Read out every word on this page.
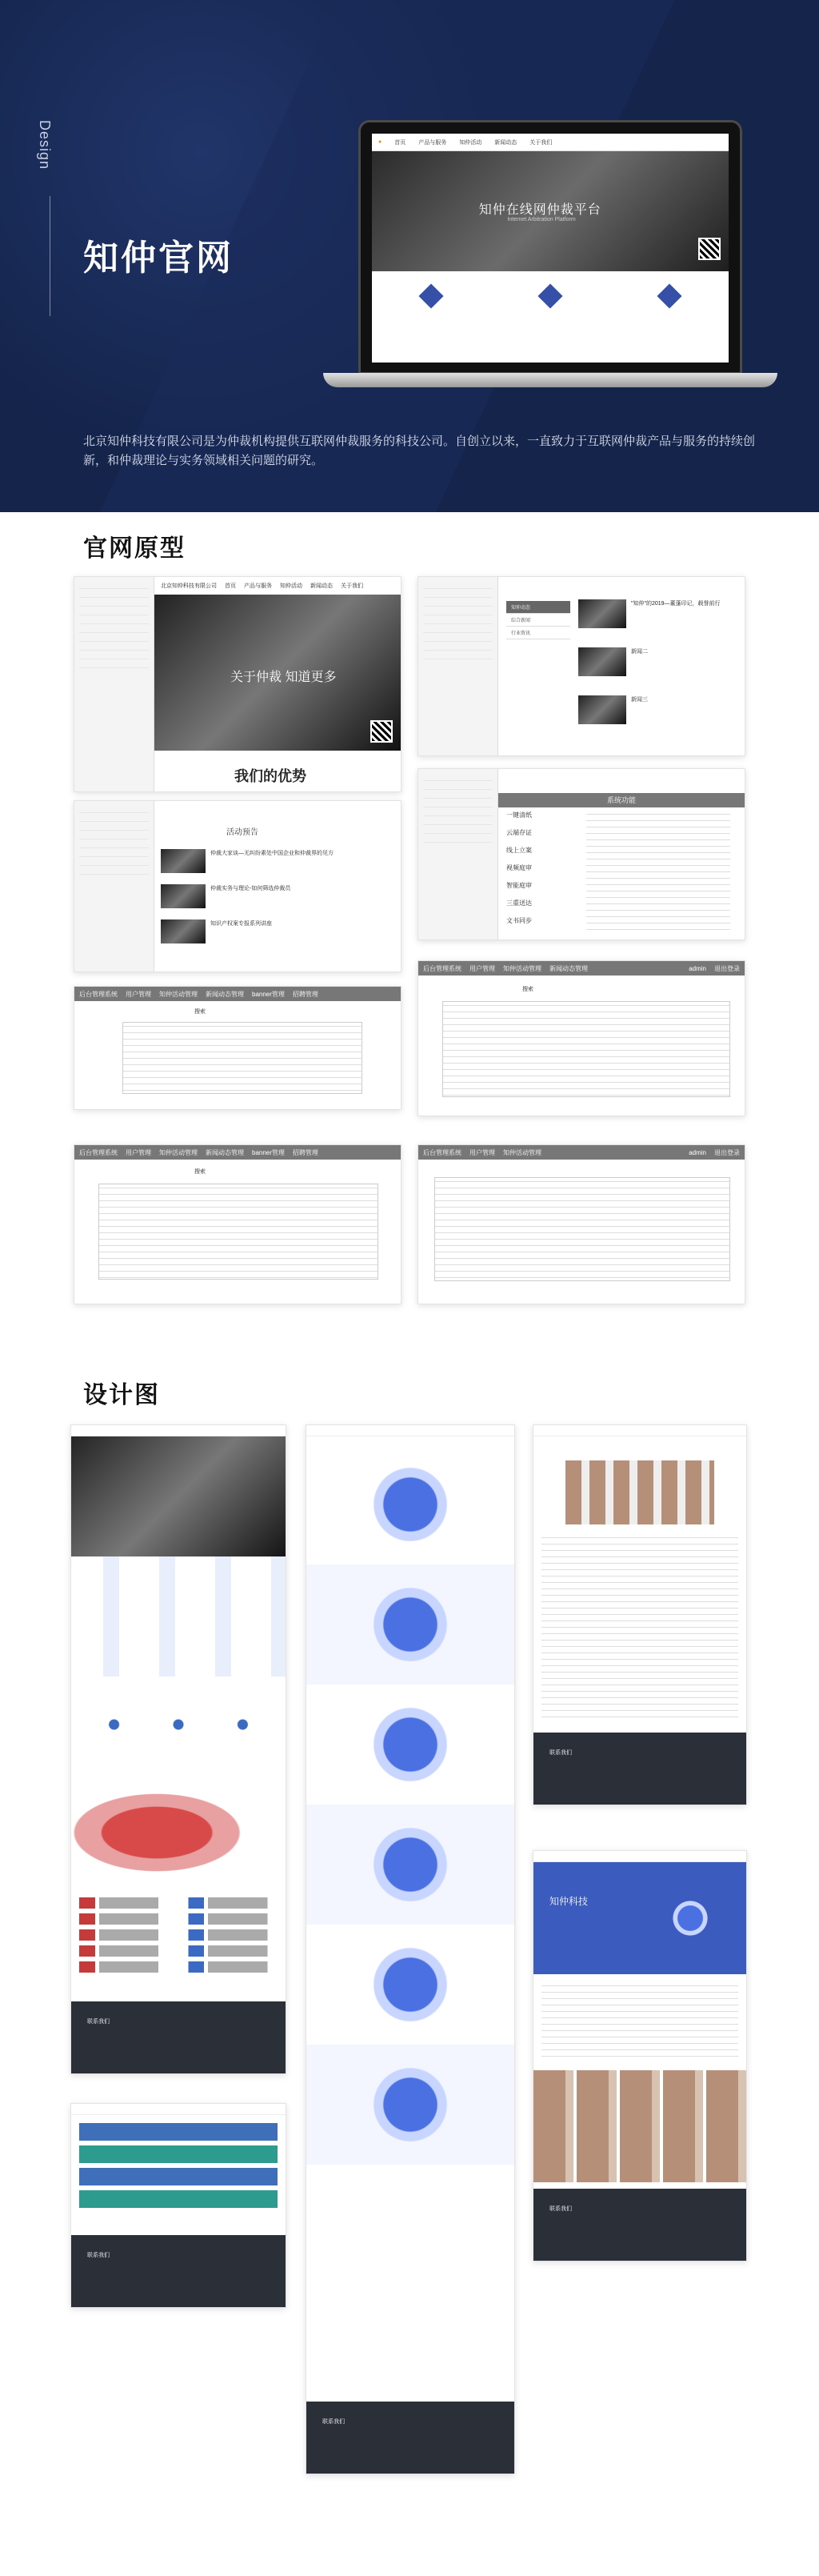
Design
知仲官网
● 首页 产品与服务 知仲活动 新闻动态 关于我们
知仲在线网仲裁平台
Internet Arbitration Platform
北京知仲科技有限公司是为仲裁机构提供互联网仲裁服务的科技公司。自创立以来，一直致力于互联网仲裁产品与服务的持续创新，和仲裁理论与实务领域相关问题的研究。
官网原型
北京知仲科技有限公司 首页 产品与服务 知仲活动 新闻动态 关于我们
关于仲裁 知道更多
我们的优势
知仲动态
综合新闻
行业资讯
"知仲"的2019—董蓬印记，载誉前行
新闻二
新闻三
活动预告
仲裁大家谈—无纠纷素处中国企业和仲裁界的见方
仲裁实务与理论-如何筛选仲裁员
知识产权案专报系列讲座
系统功能
一键清纸
云端存证
线上立案
视频庭审
智能庭审
三重送达
文书同步
后台管理系统 用户管理 知仲活动管理 新闻动态管理 banner管理 招聘管理
搜索
后台管理系统 用户管理 知仲活动管理 新闻动态管理	admin 退出登录
搜索
后台管理系统 用户管理 知仲活动管理 新闻动态管理 banner管理 招聘管理
搜索
后台管理系统 用户管理 知仲活动管理	admin 退出登录
设计图
联系我们
联系我们
联系我们
知仲科技
联系我们
联系我们
